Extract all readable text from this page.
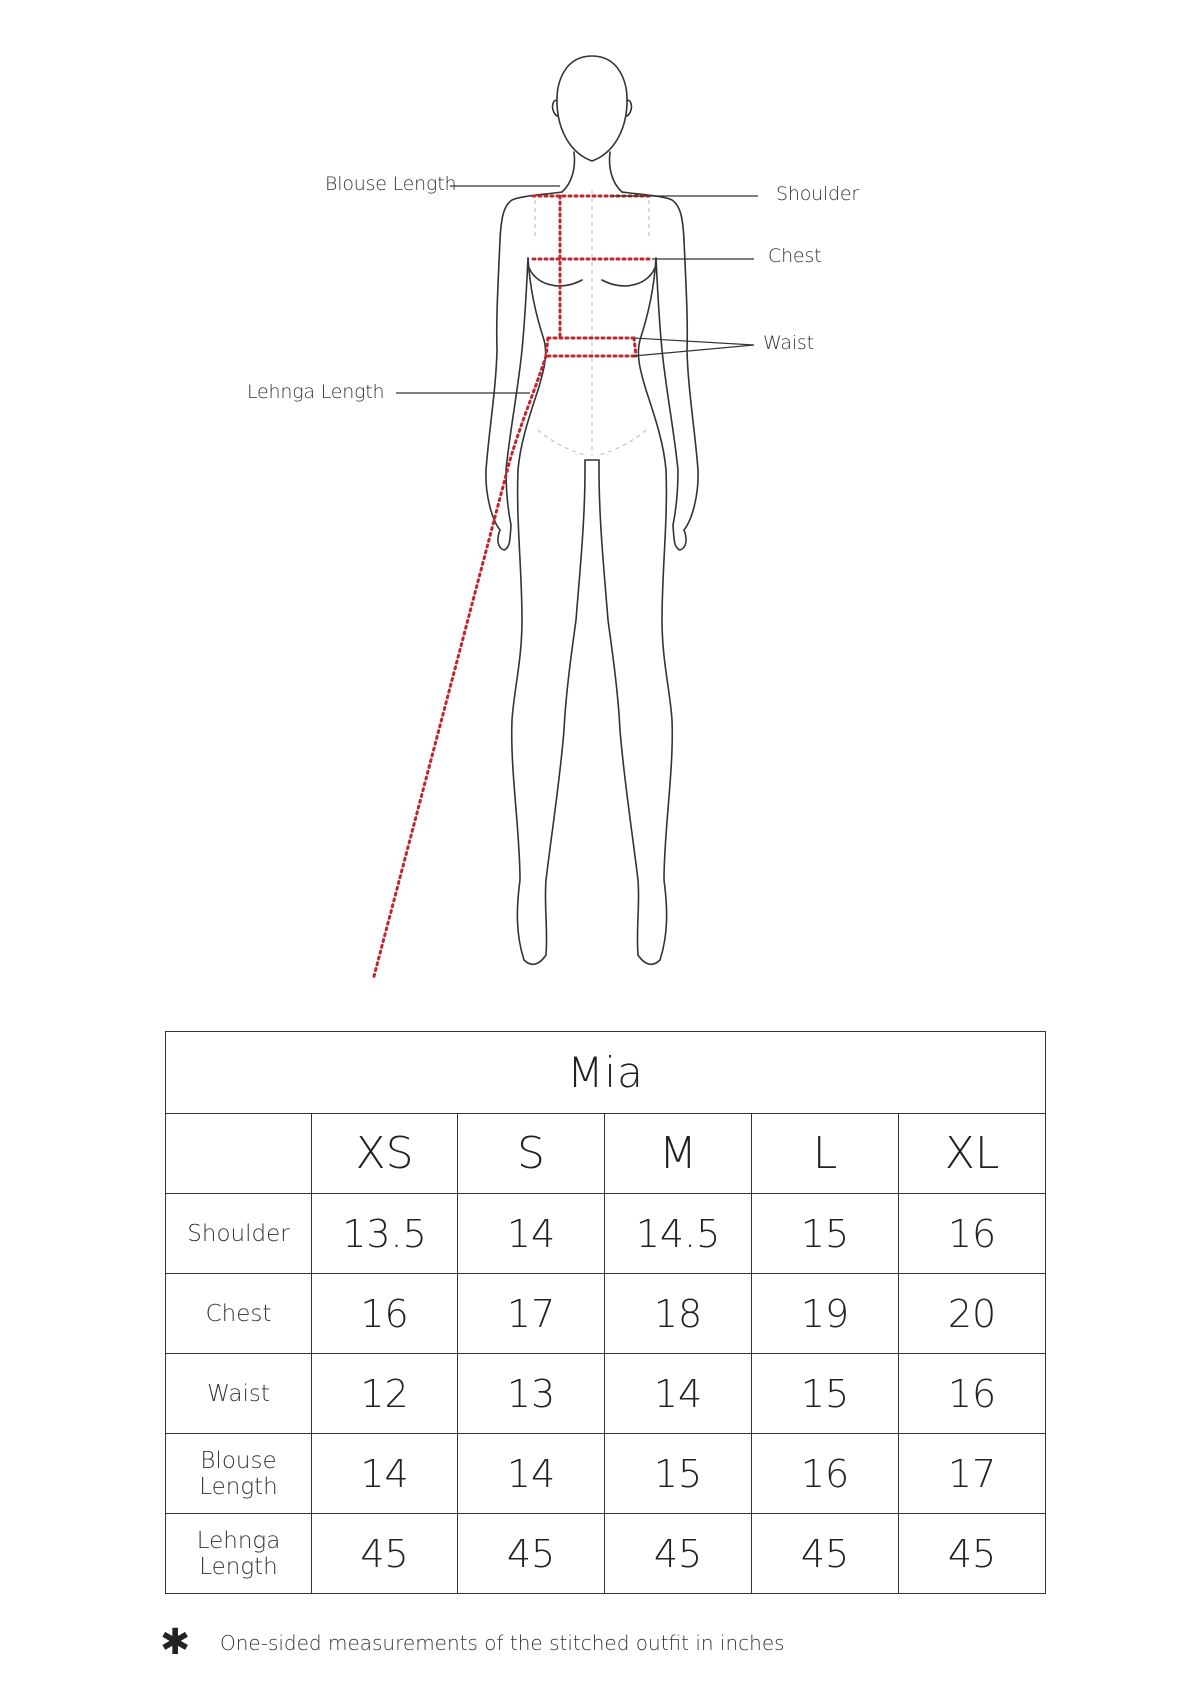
Blouse Length	Shoulder
Chest
Waist
Lehnga Length
Mia					
	XS	S	M	L	XL
Shoulder	13.5	14	14.5	15	16
Chest	16	17	18	19	20
Waist	12	13	14	15	16
Blouse
Length	14	14	15	16	17
Lehnga
Length	45	45	45	45	45
✱	One-sided measurements of the stitched outfit in inches
